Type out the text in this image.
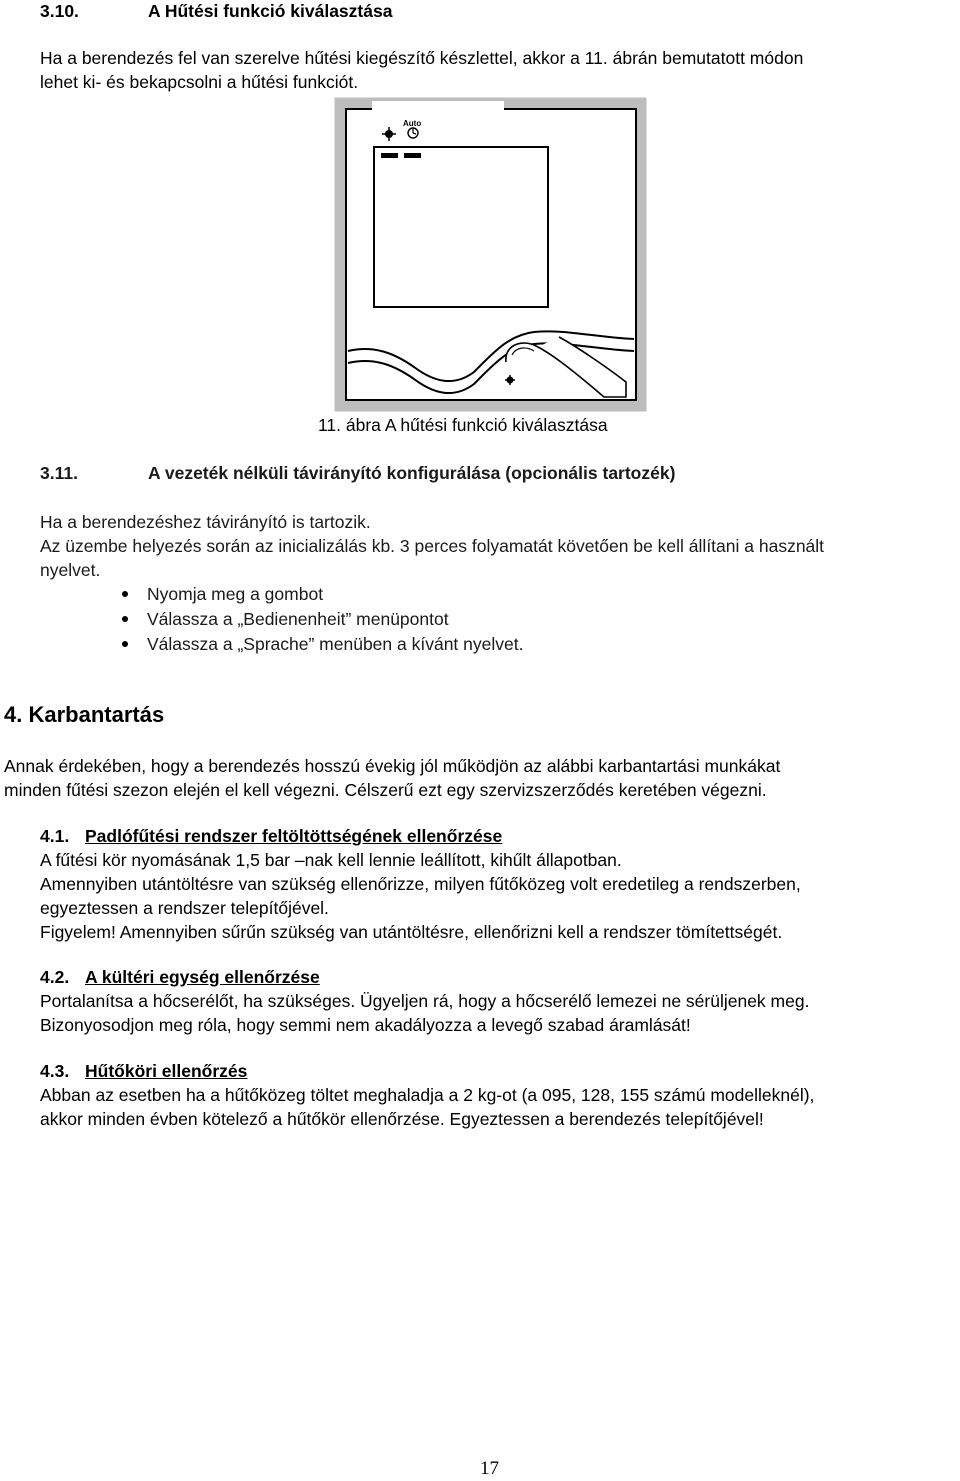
3.10.	A Hűtési funkció kiválasztása
Ha a berendezés fel van szerelve hűtési kiegészítő készlettel, akkor a 11. ábrán bemutatott módon
lehet ki- és bekapcsolni a hűtési funkciót.
Auto
11. ábra A hűtési funkció kiválasztása
3.11.	A vezeték nélküli távirányító konfigurálása (opcionális tartozék)
Ha a berendezéshez távirányító is tartozik.
Az üzembe helyezés során az inicializálás kb. 3 perces folyamatát követően be kell állítani a használt
nyelvet.
Nyomja meg a gombot
Válassza a „Bedienenheit” menüpontot
Válassza a „Sprache” menüben a kívánt nyelvet.
4. Karbantartás
Annak érdekében, hogy a berendezés hosszú évekig jól működjön az alábbi karbantartási munkákat
minden fűtési szezon elején el kell végezni. Célszerű ezt egy szervizszerződés keretében végezni.
4.1. Padlófűtési rendszer feltöltöttségének ellenőrzése
A fűtési kör nyomásának 1,5 bar –nak kell lennie leállított, kihűlt állapotban.
Amennyiben utántöltésre van szükség ellenőrizze, milyen fűtőközeg volt eredetileg a rendszerben,
egyeztessen a rendszer telepítőjével.
Figyelem! Amennyiben sűrűn szükség van utántöltésre, ellenőrizni kell a rendszer tömítettségét.
4.2. A kültéri egység ellenőrzése
Portalanítsa a hőcserélőt, ha szükséges. Ügyeljen rá, hogy a hőcserélő lemezei ne sérüljenek meg.
Bizonyosodjon meg róla, hogy semmi nem akadályozza a levegő szabad áramlását!
4.3. Hűtőköri ellenőrzés
Abban az esetben ha a hűtőközeg töltet meghaladja a 2 kg-ot (a 095, 128, 155 számú modelleknél),
akkor minden évben kötelező a hűtőkör ellenőrzése. Egyeztessen a berendezés telepítőjével!
17
